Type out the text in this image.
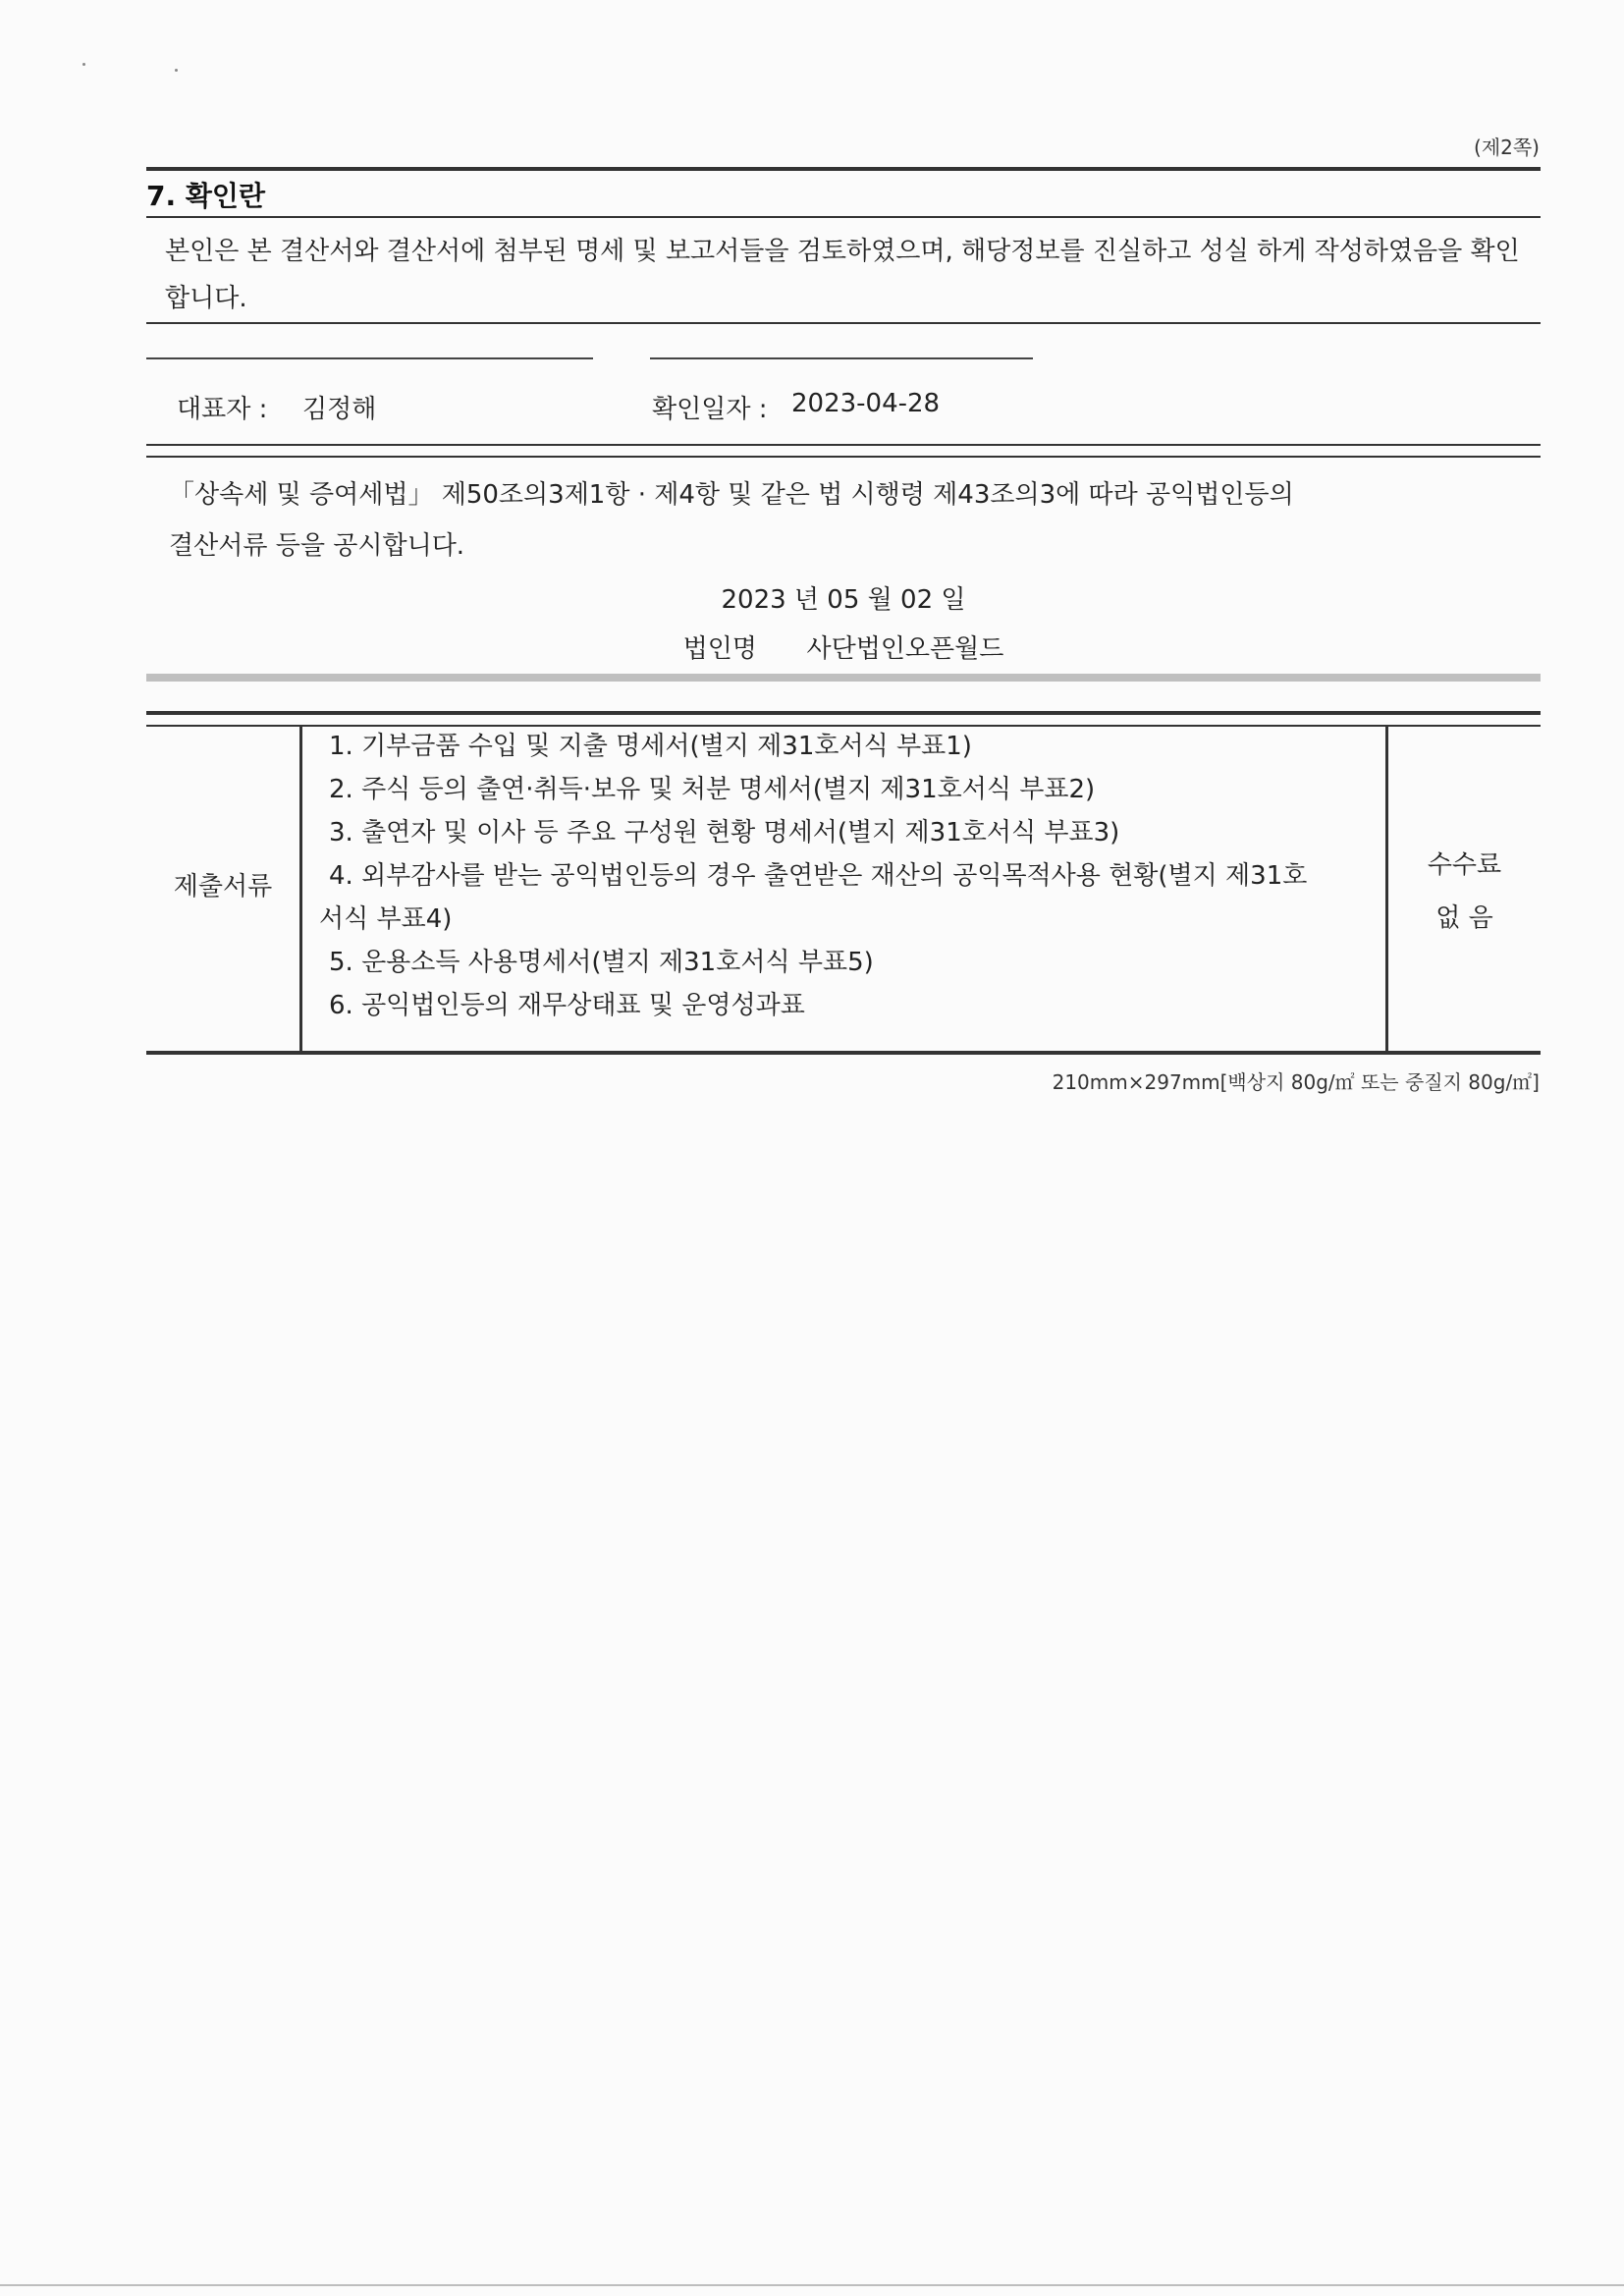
(제2쪽)
7. 확인란
본인은 본 결산서와 결산서에 첨부된 명세 및 보고서들을 검토하였으며, 해당정보를 진실하고 성실 하게 작성하였음을 확인합니다.
대표자 : 김정해	확인일자 : 2023-04-28
「상속세 및 증여세법」 제50조의3제1항 · 제4항 및 같은 법 시행령 제43조의3에 따라 공익법인등의
결산서류 등을 공시합니다.
2023 년 05 월 02 일
법인명 사단법인오픈월드
제출서류
1. 기부금품 수입 및 지출 명세서(별지 제31호서식 부표1)
2. 주식 등의 출연·취득·보유 및 처분 명세서(별지 제31호서식 부표2)
3. 출연자 및 이사 등 주요 구성원 현황 명세서(별지 제31호서식 부표3)
4. 외부감사를 받는 공익법인등의 경우 출연받은 재산의 공익목적사용 현황(별지 제31호
서식 부표4)
5. 운용소득 사용명세서(별지 제31호서식 부표5)
6. 공익법인등의 재무상태표 및 운영성과표
수수료
없 음
210mm×297mm[백상지 80g/㎡ 또는 중질지 80g/㎡]
